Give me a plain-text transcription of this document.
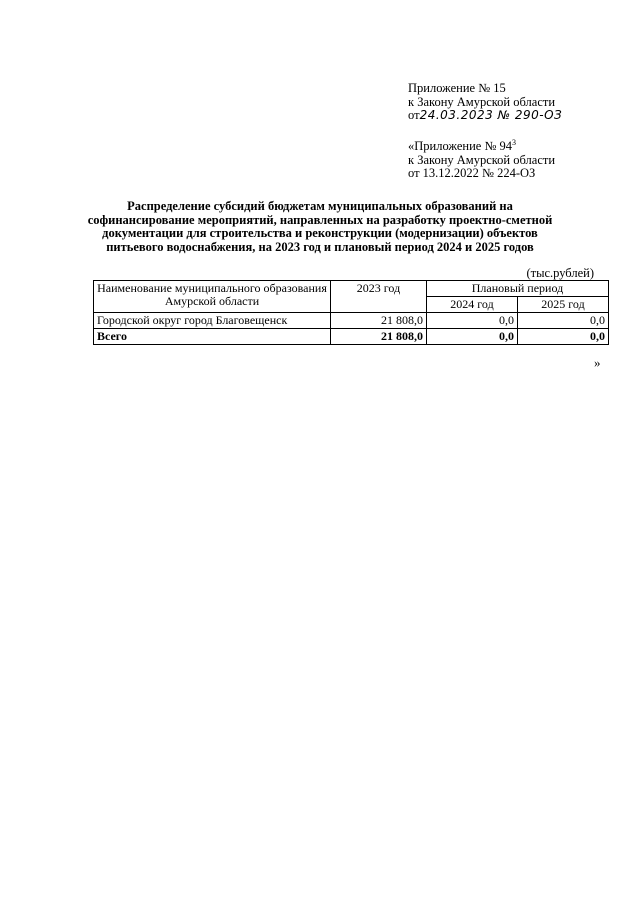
Приложение № 15
к Закону Амурской области
от24.03.2023 № 290-ОЗ
«Приложение № $94^3$
к Закону Амурской области
от 13.12.2022 № 224-ОЗ
Распределение субсидий бюджетам муниципальных образований на
софинансирование мероприятий, направленных на разработку проектно-сметной
документации для строительства и реконструкции (модернизации) объектов
питьевого водоснабжения, на 2023 год и плановый период 2024 и 2025 годов
(тыс.рублей)
Наименование муниципального образования Амурской области	2023 год	Плановый период	
		2024 год	2025 год
Городской округ город Благовещенск	21 808,0	0,0	0,0
Всего	21 808,0	0,0	0,0
»
